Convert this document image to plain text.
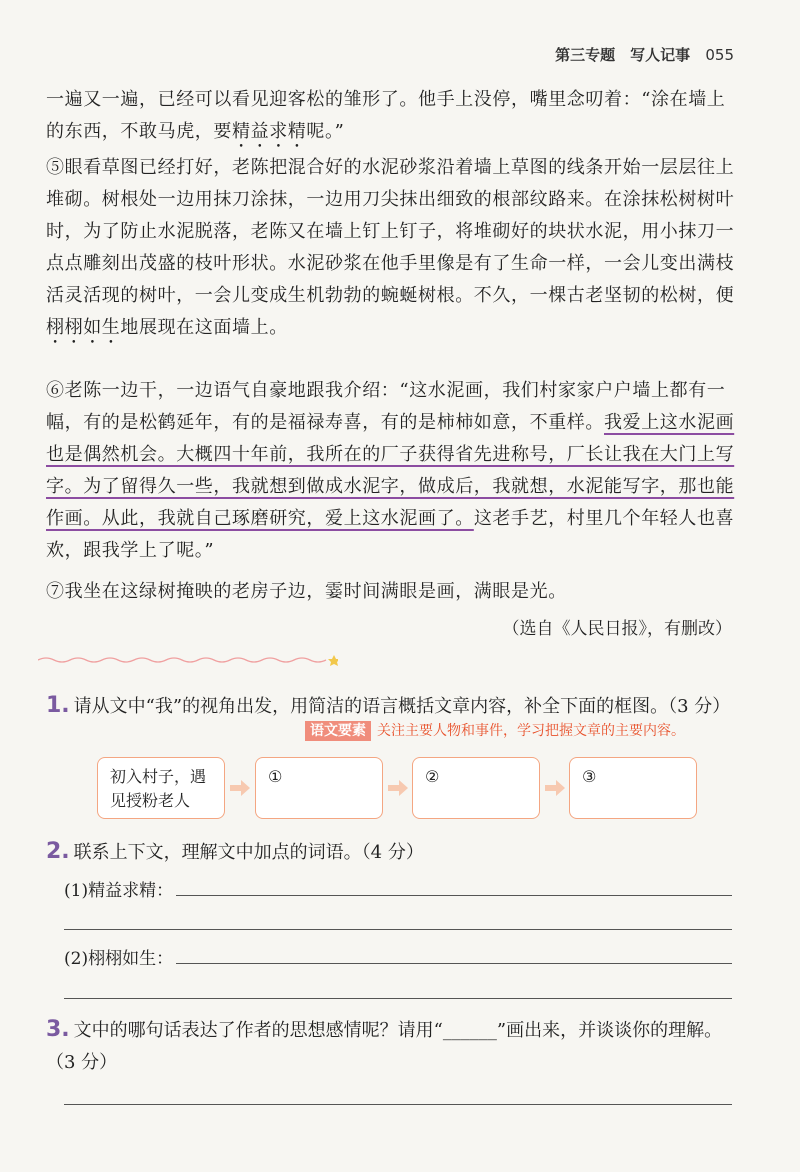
第三专题　写人记事 055

一遍又一遍，已经可以看见迎客松的雏形了。他手上没停，嘴里念叨着：“涂在墙上的东西，不敢马虎，要精益求精呢。”

⑤眼看草图已经打好，老陈把混合好的水泥砂浆沿着墙上草图的线条开始一层层往上堆砌。树根处一边用抹刀涂抹，一边用刀尖抹出细致的根部纹路来。在涂抹松树树叶时，为了防止水泥脱落，老陈又在墙上钉上钉子，将堆砌好的块状水泥，用小抹刀一点点雕刻出茂盛的枝叶形状。水泥砂浆在他手里像是有了生命一样，一会儿变出满枝活灵活现的树叶，一会儿变成生机勃勃的蜿蜒树根。不久，一棵古老坚韧的松树，便栩栩如生地展现在这面墙上。

⑥老陈一边干，一边语气自豪地跟我介绍：“这水泥画，我们村家家户户墙上都有一幅，有的是松鹤延年，有的是福禄寿喜，有的是柿柿如意，不重样。我爱上这水泥画也是偶然机会。大概四十年前，我所在的厂子获得省先进称号，厂长让我在大门上写字。为了留得久一些，我就想到做成水泥字，做成后，我就想，水泥能写字，那也能作画。从此，我就自己琢磨研究，爱上这水泥画了。这老手艺，村里几个年轻人也喜欢，跟我学上了呢。”

⑦我坐在这绿树掩映的老房子边，霎时间满眼是画，满眼是光。

（选自《人民日报》，有删改）

1. 请从文中“我”的视角出发，用简洁的语言概括文章内容，补全下面的框图。（3 分）

语文要素 关注主要人物和事件，学习把握文章的主要内容。
初入村子，遇见授粉老人
①	②	③

2. 联系上下文，理解文中加点的词语。（4 分）

(1)精益求精：
(2)栩栩如生：

3. 文中的哪句话表达了作者的思想感情呢？请用“______”画出来，并谈谈你的理解。（3 分）
